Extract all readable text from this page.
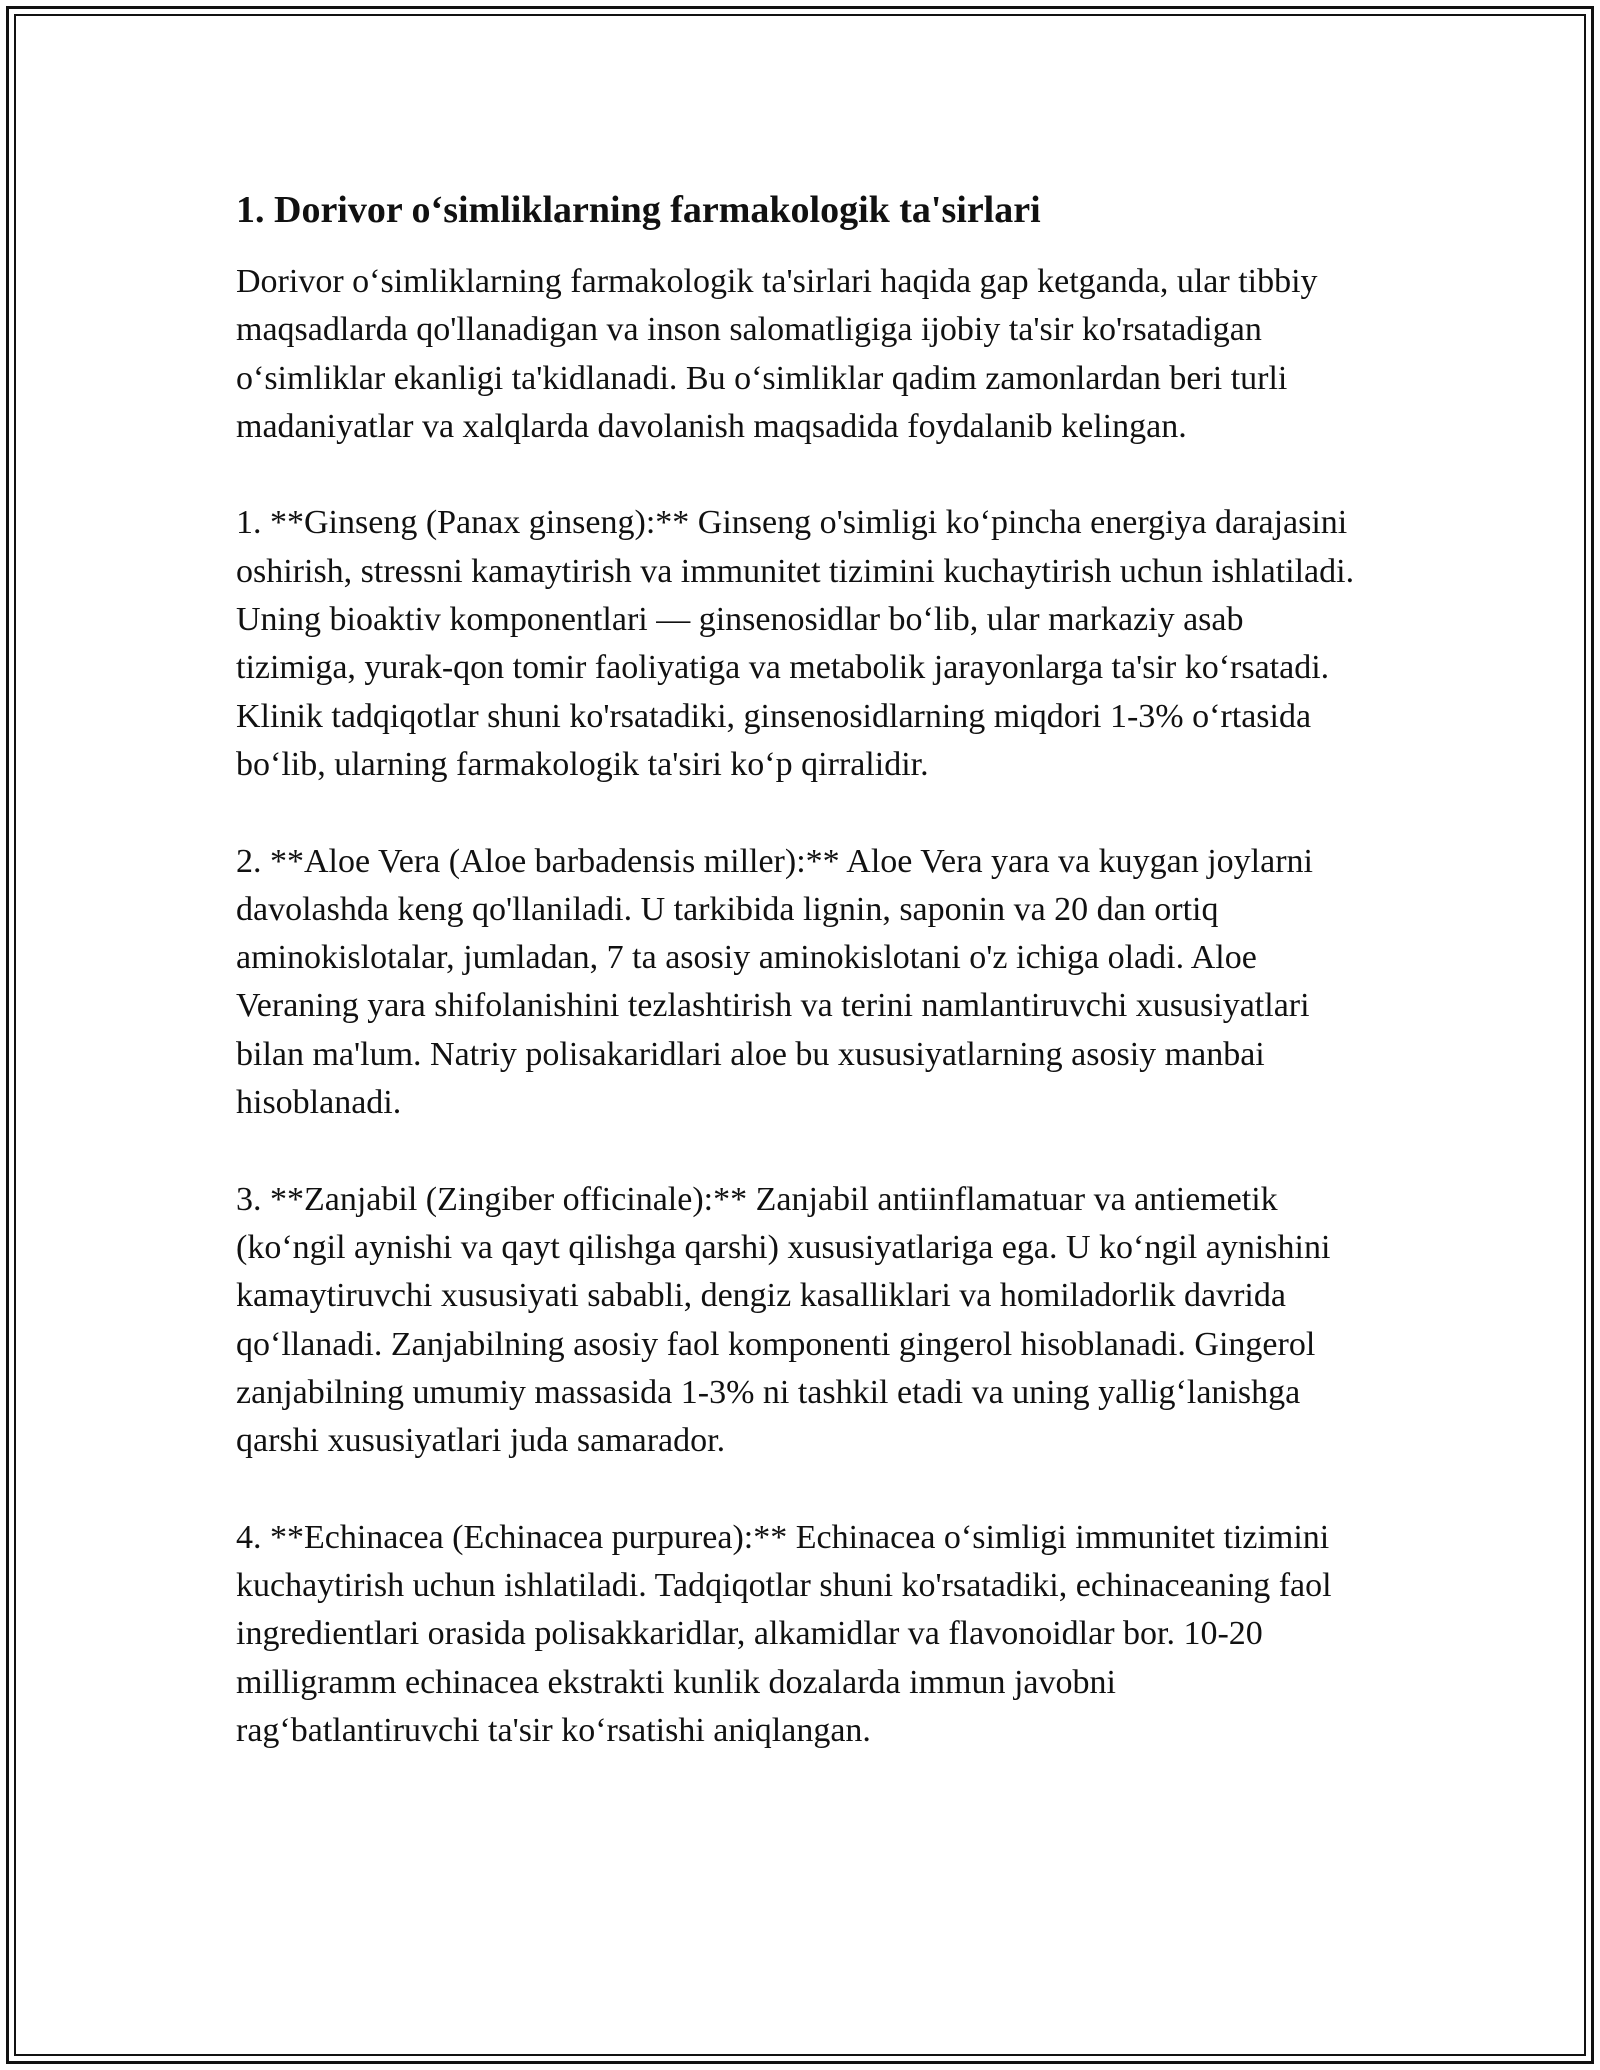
1. Dorivor o‘simliklarning farmakologik ta'sirlari

Dorivor o‘simliklarning farmakologik ta'sirlari haqida gap ketganda, ular tibbiy maqsadlarda qo'llanadigan va inson salomatligiga ijobiy ta'sir ko'rsatadigan o‘simliklar ekanligi ta'kidlanadi. Bu o‘simliklar qadim zamonlardan beri turli madaniyatlar va xalqlarda davolanish maqsadida foydalanib kelingan.

1. **Ginseng (Panax ginseng):** Ginseng o'simligi ko‘pincha energiya darajasini oshirish, stressni kamaytirish va immunitet tizimini kuchaytirish uchun ishlatiladi. Uning bioaktiv komponentlari — ginsenosidlar bo‘lib, ular markaziy asab tizimiga, yurak-qon tomir faoliyatiga va metabolik jarayonlarga ta'sir ko‘rsatadi. Klinik tadqiqotlar shuni ko'rsatadiki, ginsenosidlarning miqdori 1-3% o‘rtasida bo‘lib, ularning farmakologik ta'siri ko‘p qirralidir.

2. **Aloe Vera (Aloe barbadensis miller):** Aloe Vera yara va kuygan joylarni davolashda keng qo'llaniladi. U tarkibida lignin, saponin va 20 dan ortiq aminokislotalar, jumladan, 7 ta asosiy aminokislotani o'z ichiga oladi. Aloe Veraning yara shifolanishini tezlashtirish va terini namlantiruvchi xususiyatlari bilan ma'lum. Natriy polisakaridlari aloe bu xususiyatlarning asosiy manbai hisoblanadi.

3. **Zanjabil (Zingiber officinale):** Zanjabil antiinflamatuar va antiemetik (ko‘ngil aynishi va qayt qilishga qarshi) xususiyatlariga ega. U ko‘ngil aynishini kamaytiruvchi xususiyati sababli, dengiz kasalliklari va homiladorlik davrida qo‘llanadi. Zanjabilning asosiy faol komponenti gingerol hisoblanadi. Gingerol zanjabilning umumiy massasida 1-3% ni tashkil etadi va uning yallig‘lanishga qarshi xususiyatlari juda samarador.

4. **Echinacea (Echinacea purpurea):** Echinacea o‘simligi immunitet tizimini kuchaytirish uchun ishlatiladi. Tadqiqotlar shuni ko'rsatadiki, echinaceaning faol ingredientlari orasida polisakkaridlar, alkamidlar va flavonoidlar bor. 10-20 milligramm echinacea ekstrakti kunlik dozalarda immun javobni rag‘batlantiruvchi ta'sir ko‘rsatishi aniqlangan.
